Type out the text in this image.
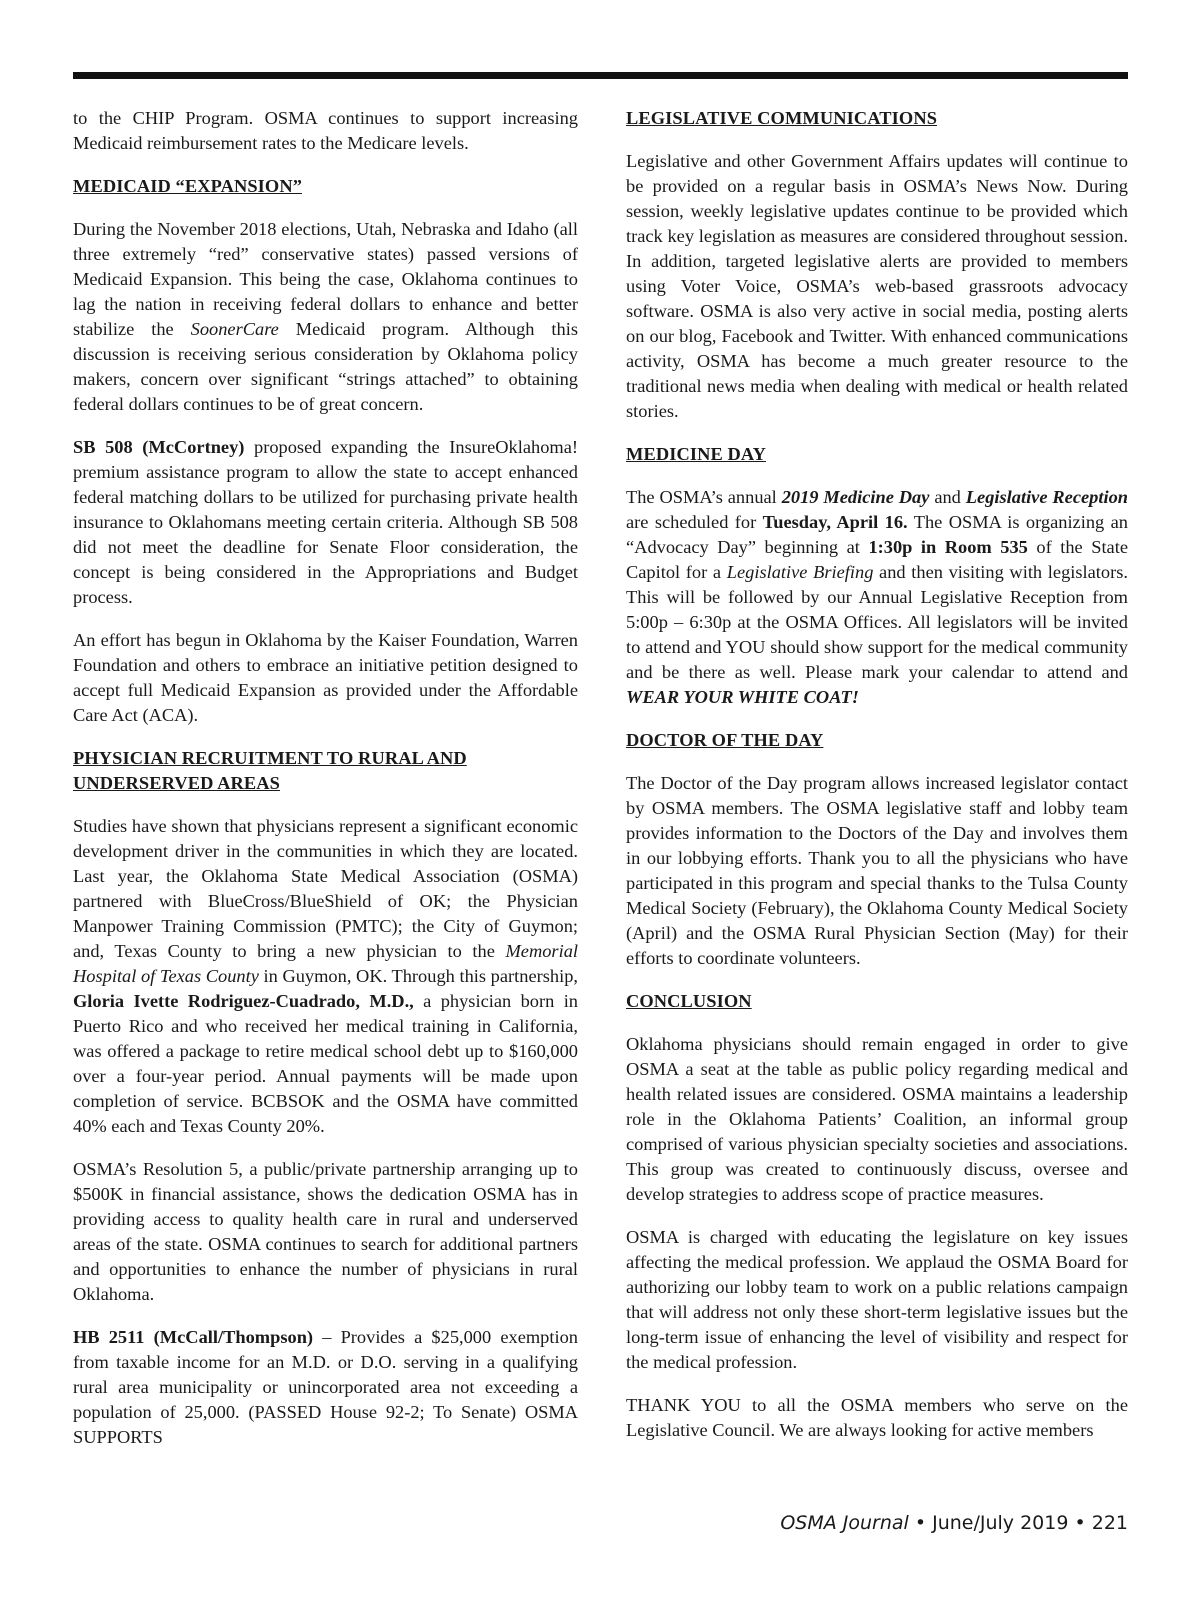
to the CHIP Program. OSMA continues to support increasing Medicaid reimbursement rates to the Medicare levels.

MEDICAID “EXPANSION”

During the November 2018 elections, Utah, Nebraska and Idaho (all three extremely “red” conservative states) passed versions of Medicaid Expansion. This being the case, Oklahoma continues to lag the nation in receiving federal dollars to enhance and better stabilize the SoonerCare Medicaid program. Although this discussion is receiving serious consideration by Oklahoma policy makers, concern over significant “strings attached” to obtaining federal dollars continues to be of great concern.

SB 508 (McCortney) proposed expanding the InsureOklahoma! premium assistance program to allow the state to accept enhanced federal matching dollars to be utilized for purchasing private health insurance to Oklahomans meeting certain criteria. Although SB 508 did not meet the deadline for Senate Floor consideration, the concept is being considered in the Appropriations and Budget process.

An effort has begun in Oklahoma by the Kaiser Foundation, Warren Foundation and others to embrace an initiative petition designed to accept full Medicaid Expansion as provided under the Affordable Care Act (ACA).

PHYSICIAN RECRUITMENT TO RURAL AND UNDERSERVED AREAS

Studies have shown that physicians represent a significant economic development driver in the communities in which they are located. Last year, the Oklahoma State Medical Association (OSMA) partnered with BlueCross/BlueShield of OK; the Physician Manpower Training Commission (PMTC); the City of Guymon; and, Texas County to bring a new physician to the Memorial Hospital of Texas County in Guymon, OK. Through this partnership, Gloria Ivette Rodriguez-Cuadrado, M.D., a physician born in Puerto Rico and who received her medical training in California, was offered a package to retire medical school debt up to $160,000 over a four-year period. Annual payments will be made upon completion of service. BCBSOK and the OSMA have committed 40% each and Texas County 20%.

OSMA’s Resolution 5, a public/private partnership arranging up to $500K in financial assistance, shows the dedication OSMA has in providing access to quality health care in rural and underserved areas of the state. OSMA continues to search for additional partners and opportunities to enhance the number of physicians in rural Oklahoma.

HB 2511 (McCall/Thompson) – Provides a $25,000 exemption from taxable income for an M.D. or D.O. serving in a qualifying rural area municipality or unincorporated area not exceeding a population of 25,000. (PASSED House 92-2; To Senate) OSMA SUPPORTS

LEGISLATIVE COMMUNICATIONS

Legislative and other Government Affairs updates will continue to be provided on a regular basis in OSMA’s News Now. During session, weekly legislative updates continue to be provided which track key legislation as measures are considered throughout session. In addition, targeted legislative alerts are provided to members using Voter Voice, OSMA’s web-based grassroots advocacy software. OSMA is also very active in social media, posting alerts on our blog, Facebook and Twitter. With enhanced communications activity, OSMA has become a much greater resource to the traditional news media when dealing with medical or health related stories.

MEDICINE DAY

The OSMA’s annual 2019 Medicine Day and Legislative Reception are scheduled for Tuesday, April 16. The OSMA is organizing an “Advocacy Day” beginning at 1:30p in Room 535 of the State Capitol for a Legislative Briefing and then visiting with legislators. This will be followed by our Annual Legislative Reception from 5:00p – 6:30p at the OSMA Offices. All legislators will be invited to attend and YOU should show support for the medical community and be there as well. Please mark your calendar to attend and WEAR YOUR WHITE COAT!

DOCTOR OF THE DAY

The Doctor of the Day program allows increased legislator contact by OSMA members. The OSMA legislative staff and lobby team provides information to the Doctors of the Day and involves them in our lobbying efforts. Thank you to all the physicians who have participated in this program and special thanks to the Tulsa County Medical Society (February), the Oklahoma County Medical Society (April) and the OSMA Rural Physician Section (May) for their efforts to coordinate volunteers.

CONCLUSION

Oklahoma physicians should remain engaged in order to give OSMA a seat at the table as public policy regarding medical and health related issues are considered. OSMA maintains a leadership role in the Oklahoma Patients’ Coalition, an informal group comprised of various physician specialty societies and associations. This group was created to continuously discuss, oversee and develop strategies to address scope of practice measures.

OSMA is charged with educating the legislature on key issues affecting the medical profession. We applaud the OSMA Board for authorizing our lobby team to work on a public relations campaign that will address not only these short-term legislative issues but the long-term issue of enhancing the level of visibility and respect for the medical profession.

THANK YOU to all the OSMA members who serve on the Legislative Council. We are always looking for active members

OSMA Journal • June/July 2019 • 221
